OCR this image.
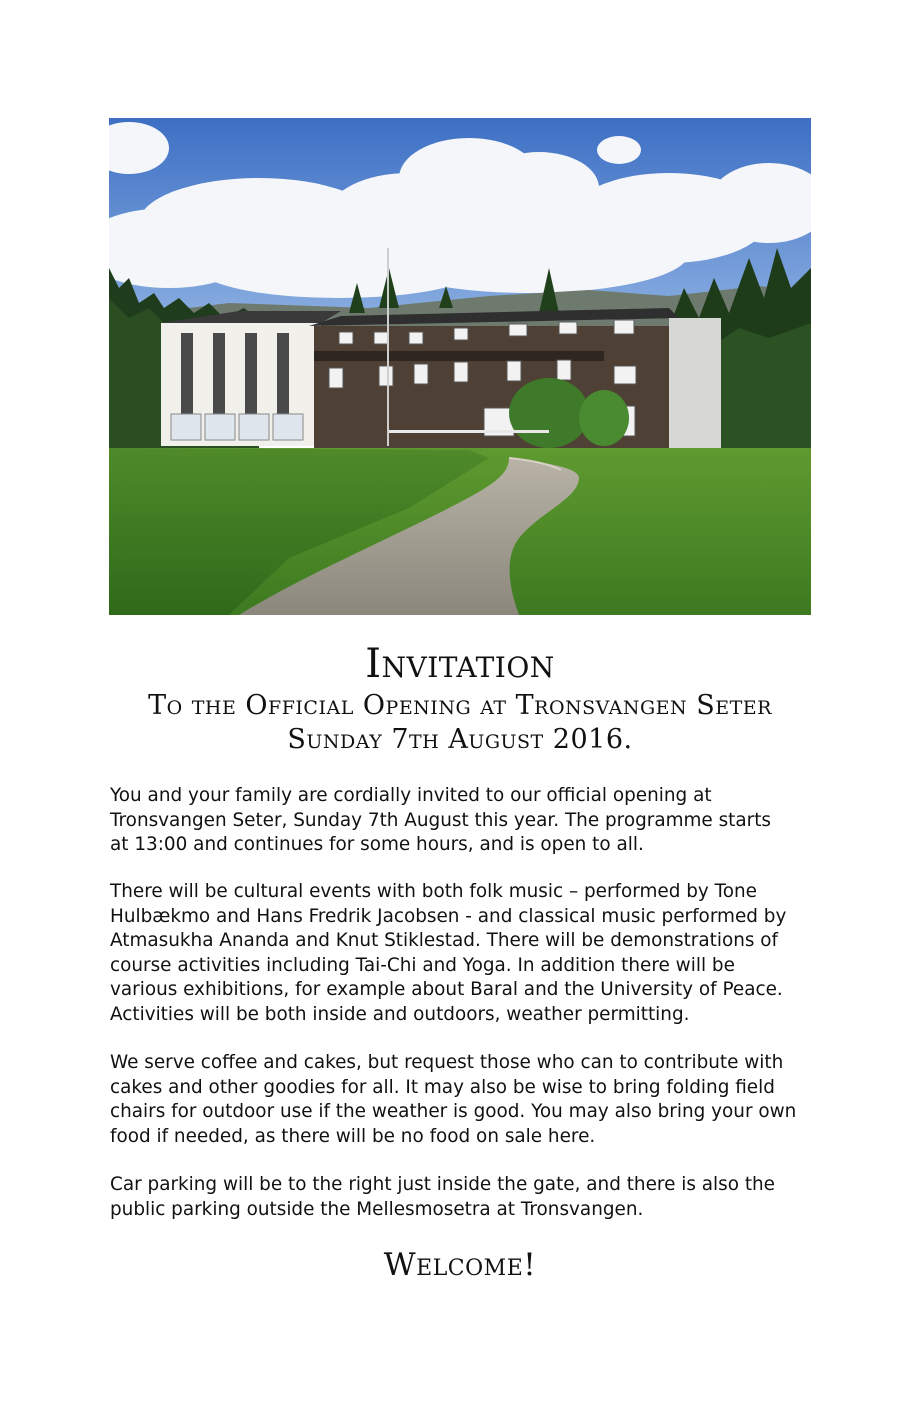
Invitation
To the Official Opening at Tronsvangen Seter
Sunday 7th August 2016.

You and your family are cordially invited to our official opening at
Tronsvangen Seter, Sunday 7th August this year. The programme starts
at 13:00 and continues for some hours, and is open to all.

There will be cultural events with both folk music – performed by Tone
Hulbækmo and Hans Fredrik Jacobsen - and classical music performed by
Atmasukha Ananda and Knut Stiklestad. There will be demonstrations of
course activities including Tai-Chi and Yoga. In addition there will be
various exhibitions, for example about Baral and the University of Peace.
Activities will be both inside and outdoors, weather permitting.

We serve coffee and cakes, but request those who can to contribute with
cakes and other goodies for all. It may also be wise to bring folding field
chairs for outdoor use if the weather is good. You may also bring your own
food if needed, as there will be no food on sale here.

Car parking will be to the right just inside the gate, and there is also the
public parking outside the Mellesmosetra at Tronsvangen.

Welcome!
